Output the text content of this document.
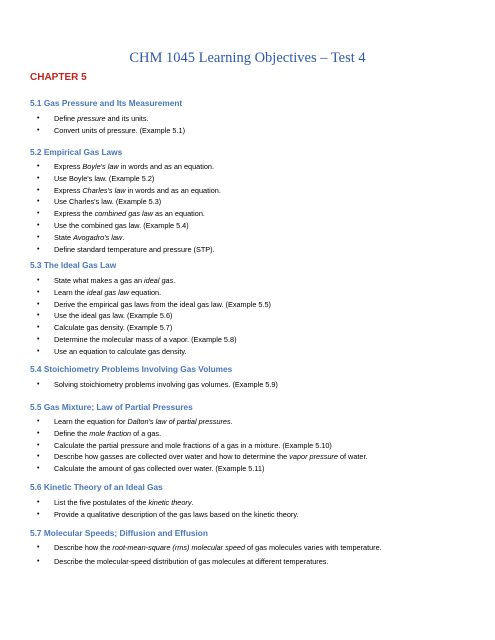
CHM 1045 Learning Objectives – Test 4
CHAPTER 5
5.1 Gas Pressure and Its Measurement
• Define pressure and its units.
• Convert units of pressure. (Example 5.1)
5.2 Empirical Gas Laws
• Express Boyle's law in words and as an equation.
• Use Boyle's law. (Example 5.2)
• Express Charles's law in words and as an equation.
• Use Charles's law. (Example 5.3)
• Express the combined gas law as an equation.
• Use the combined gas law. (Example 5.4)
• State Avogadro's law.
• Define standard temperature and pressure (STP).
5.3 The Ideal Gas Law
• State what makes a gas an ideal gas.
• Learn the ideal gas law equation.
• Derive the empirical gas laws from the ideal gas law. (Example 5.5)
• Use the ideal gas law. (Example 5.6)
• Calculate gas density. (Example 5.7)
• Determine the molecular mass of a vapor. (Example 5.8)
• Use an equation to calculate gas density.
5.4 Stoichiometry Problems Involving Gas Volumes
• Solving stoichiometry problems involving gas volumes. (Example 5.9)
5.5 Gas Mixture; Law of Partial Pressures
• Learn the equation for Dalton's law of partial pressures.
• Define the mole fraction of a gas.
• Calculate the partial pressure and mole fractions of a gas in a mixture. (Example 5.10)
• Describe how gasses are collected over water and how to determine the vapor pressure of water.
• Calculate the amount of gas collected over water. (Example 5.11)
5.6 Kinetic Theory of an Ideal Gas
• List the five postulates of the kinetic theory.
• Provide a qualitative description of the gas laws based on the kinetic theory.
5.7 Molecular Speeds; Diffusion and Effusion
• Describe how the root-mean-square (rms) molecular speed of gas molecules varies with temperature.
• Describe the molecular-speed distribution of gas molecules at different temperatures.
